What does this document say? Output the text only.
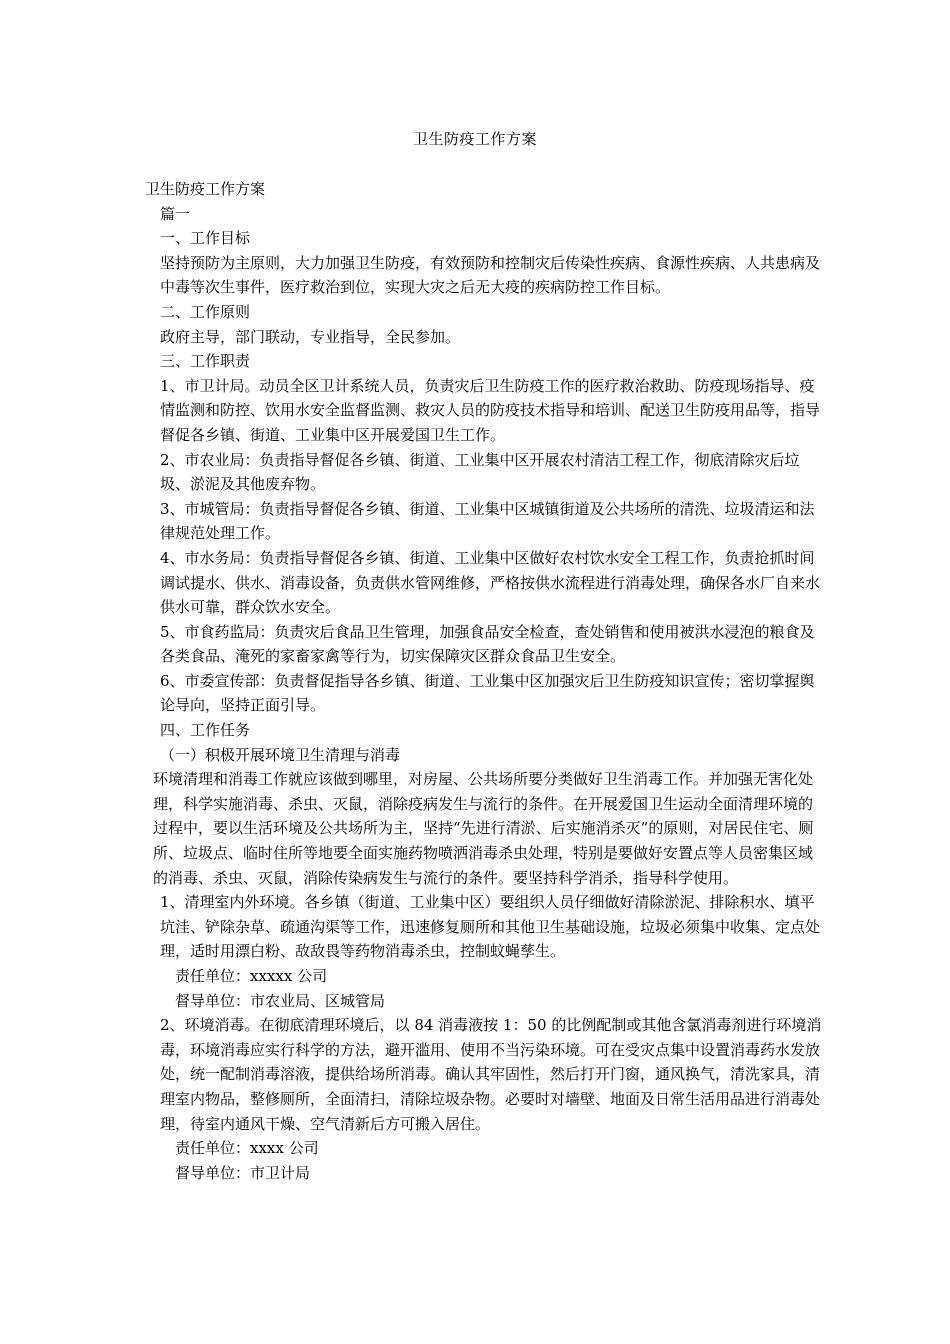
卫生防疫工作方案

卫生防疫工作方案

篇一

一、工作目标

坚持预防为主原则，大力加强卫生防疫，有效预防和控制灾后传染性疾病、食源性疾病、人共患病及中毒等次生事件，医疗救治到位，实现大灾之后无大疫的疾病防控工作目标。

二、工作原则

政府主导，部门联动，专业指导，全民参加。

三、工作职责

1、市卫计局。动员全区卫计系统人员，负责灾后卫生防疫工作的医疗救治救助、防疫现场指导、疫情监测和防控、饮用水安全监督监测、救灾人员的防疫技术指导和培训、配送卫生防疫用品等，指导督促各乡镇、街道、工业集中区开展爱国卫生工作。

2、市农业局：负责指导督促各乡镇、街道、工业集中区开展农村清洁工程工作，彻底清除灾后垃圾、淤泥及其他废弃物。

3、市城管局：负责指导督促各乡镇、街道、工业集中区城镇街道及公共场所的清洗、垃圾清运和法律规范处理工作。

4、市水务局：负责指导督促各乡镇、街道、工业集中区做好农村饮水安全工程工作，负责抢抓时间调试提水、供水、消毒设备，负责供水管网维修，严格按供水流程进行消毒处理，确保各水厂自来水供水可靠，群众饮水安全。

5、市食药监局：负责灾后食品卫生管理，加强食品安全检查，查处销售和使用被洪水浸泡的粮食及各类食品、淹死的家畜家禽等行为，切实保障灾区群众食品卫生安全。

6、市委宣传部：负责督促指导各乡镇、街道、工业集中区加强灾后卫生防疫知识宣传；密切掌握舆论导向，坚持正面引导。

四、工作任务

（一）积极开展环境卫生清理与消毒

环境清理和消毒工作就应该做到哪里，对房屋、公共场所要分类做好卫生消毒工作。并加强无害化处理，科学实施消毒、杀虫、灭鼠，消除疫病发生与流行的条件。在开展爱国卫生运动全面清理环境的过程中，要以生活环境及公共场所为主，坚持“先进行清淤、后实施消杀灭”的原则，对居民住宅、厕所、垃圾点、临时住所等地要全面实施药物喷洒消毒杀虫处理，特别是要做好安置点等人员密集区域的消毒、杀虫、灭鼠，消除传染病发生与流行的条件。要坚持科学消杀，指导科学使用。

1、清理室内外环境。各乡镇（街道、工业集中区）要组织人员仔细做好清除淤泥、排除积水、填平坑洼、铲除杂草、疏通沟渠等工作，迅速修复厕所和其他卫生基础设施，垃圾必须集中收集、定点处理，适时用漂白粉、敌敌畏等药物消毒杀虫，控制蚊蝇孳生。

责任单位：xxxxx 公司

督导单位：市农业局、区城管局

2、环境消毒。在彻底清理环境后，以 84 消毒液按 1：50 的比例配制或其他含氯消毒剂进行环境消毒，环境消毒应实行科学的方法，避开滥用、使用不当污染环境。可在受灾点集中设置消毒药水发放处，统一配制消毒溶液，提供给场所消毒。确认其牢固性，然后打开门窗，通风换气，清洗家具，清理室内物品，整修厕所，全面清扫，清除垃圾杂物。必要时对墙壁、地面及日常生活用品进行消毒处理，待室内通风干燥、空气清新后方可搬入居住。

责任单位：xxxx 公司

督导单位：市卫计局
